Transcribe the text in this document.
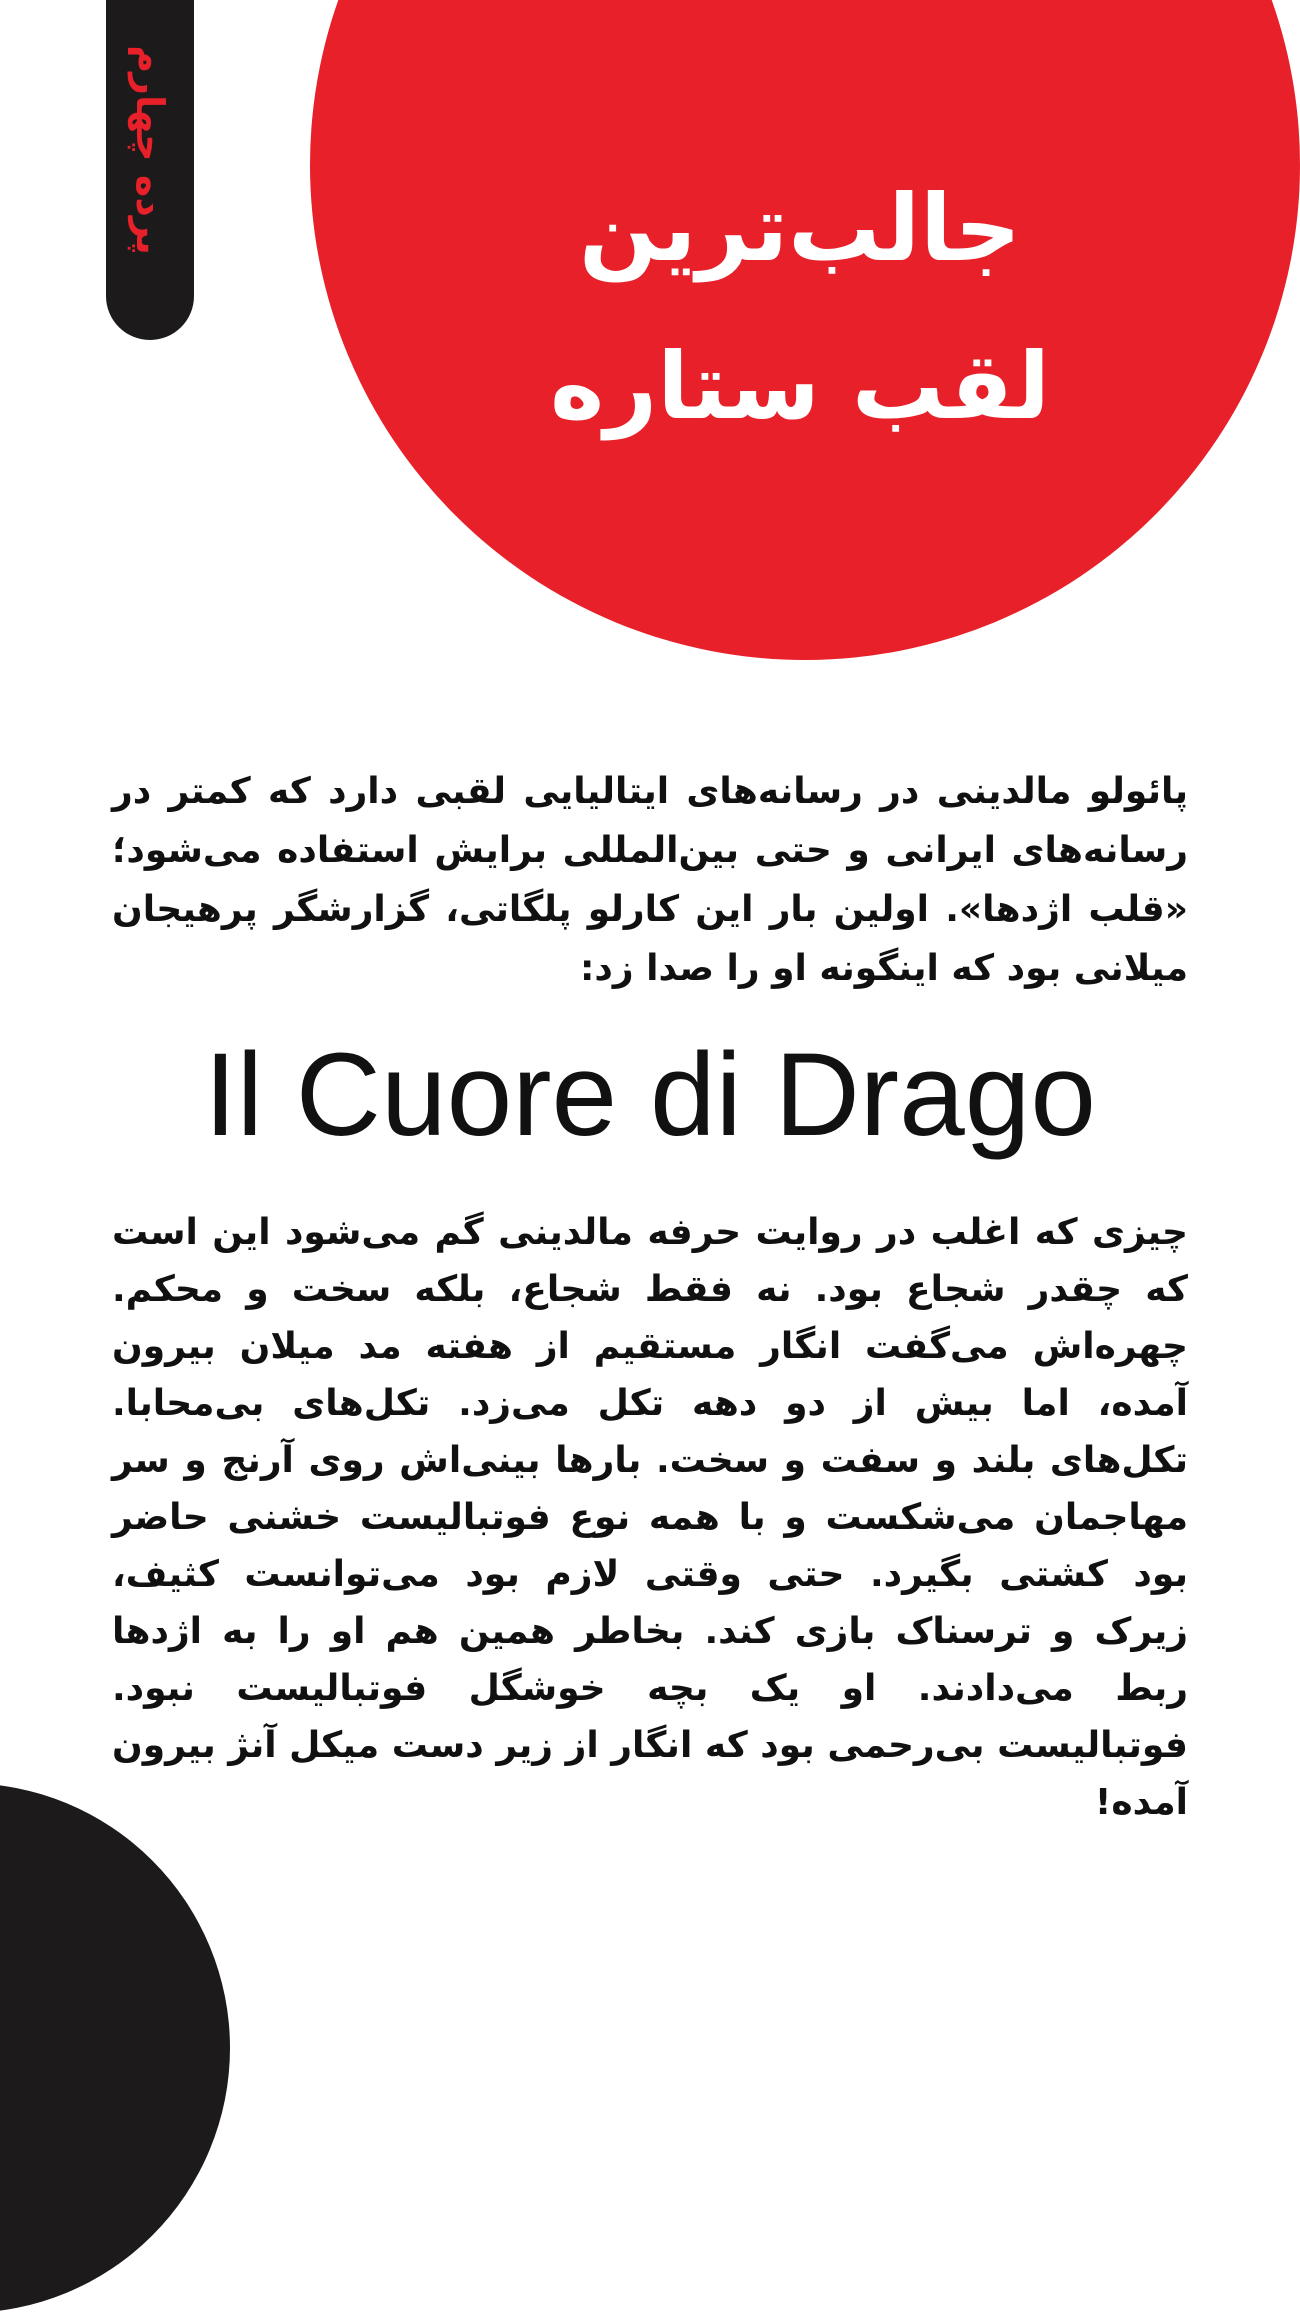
جالب‌ترین
لقب ستاره
پرده چهارم

پائولو مالدینی در رسانه‌های ایتالیایی لقبی دارد که کمتر در رسانه‌های ایرانی و حتی بین‌المللی برایش استفاده می‌شود؛ «قلب اژدها». اولین بار این کارلو پلگاتی، گزارشگر پرهیجان میلانی بود که اینگونه او را صدا زد:

Il Cuore di Drago

چیزی که اغلب در روایت حرفه مالدینی گم می‌شود این است که چقدر شجاع بود. نه فقط شجاع، بلکه سخت و محکم. چهره‌اش می‌گفت انگار مستقیم از هفته مد میلان بیرون آمده، اما بیش از دو دهه تکل می‌زد. تکل‌های بی‌محابا. تکل‌های بلند و سفت و سخت. بارها بینی‌اش روی آرنج و سر مهاجمان می‌شکست و با همه نوع فوتبالیست خشنی حاضر بود کشتی بگیرد. حتی وقتی لازم بود می‌توانست کثیف، زیرک و ترسناک بازی کند. بخاطر همین هم او را به اژدها ربط می‌دادند. او یک بچه خوشگل فوتبالیست نبود. فوتبالیست بی‌رحمی بود که انگار از زیر دست میکل آنژ بیرون آمده!
